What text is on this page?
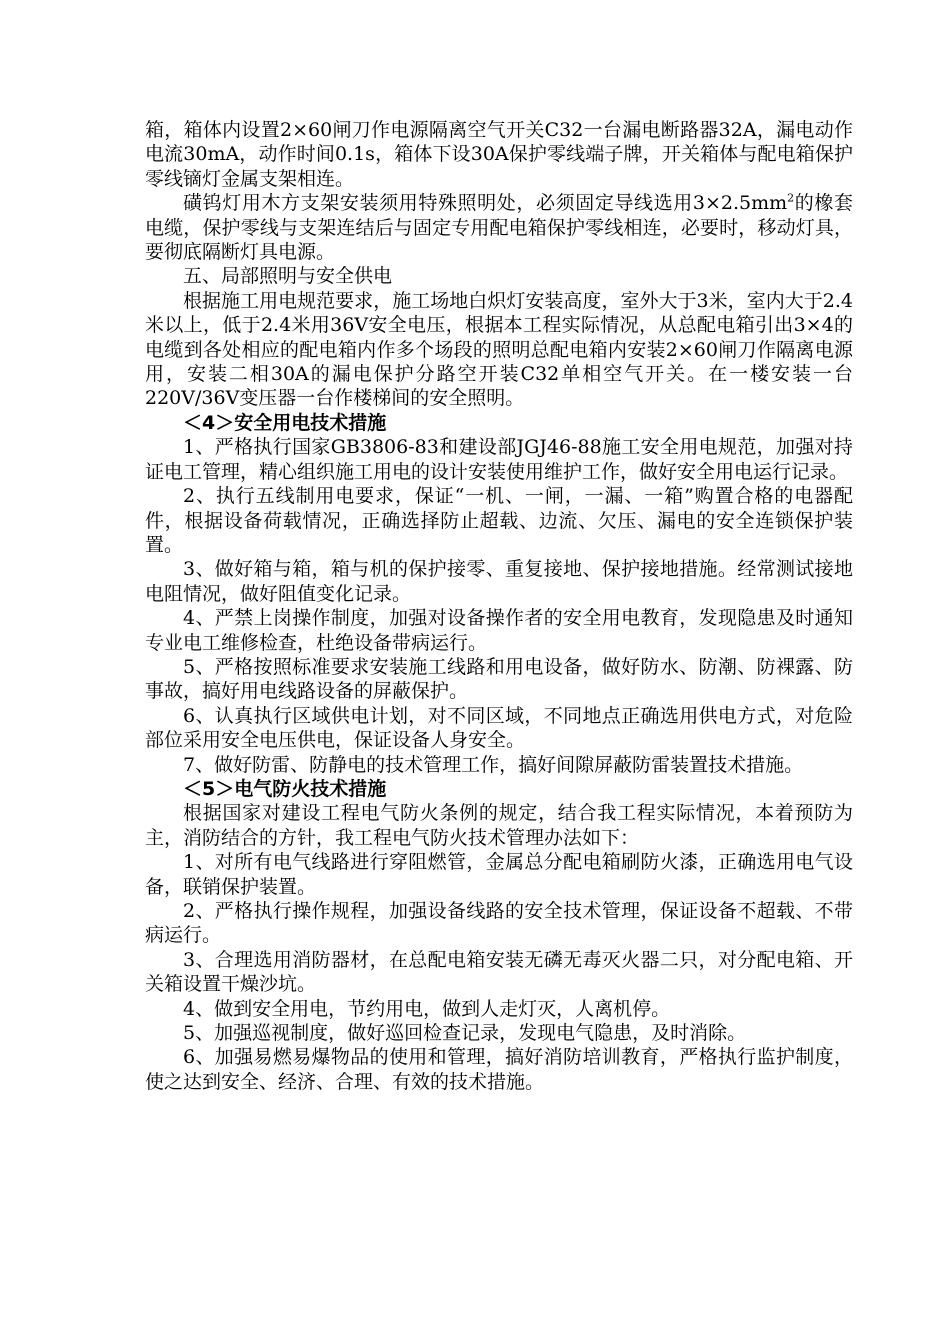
箱，箱体内设置2×60闸刀作电源隔离空气开关C32一台漏电断路器32A，漏电动作电流30mA，动作时间0.1s，箱体下设30A保护零线端子牌，开关箱体与配电箱保护零线镝灯金属支架相连。

磺钨灯用木方支架安装须用特殊照明处，必须固定导线选用$3\times 2.5mm^2$的橡套电缆，保护零线与支架连结后与固定专用配电箱保护零线相连，必要时，移动灯具，要彻底隔断灯具电源。

五、局部照明与安全供电

根据施工用电规范要求，施工场地白炽灯安装高度，室外大于3米，室内大于2.4米以上，低于2.4米用36V安全电压，根据本工程实际情况，从总配电箱引出3×4的电缆到各处相应的配电箱内作多个场段的照明总配电箱内安装2×60闸刀作隔离电源用，安装二相30A的漏电保护分路空开装C32单相空气开关。在一楼安装一台220V/36V变压器一台作楼梯间的安全照明。

＜4＞安全用电技术措施

1、严格执行国家GB3806-83和建设部JGJ46-88施工安全用电规范，加强对持证电工管理，精心组织施工用电的设计安装使用维护工作，做好安全用电运行记录。

2、执行五线制用电要求，保证“一机、一闸，一漏、一箱”购置合格的电器配件，根据设备荷载情况，正确选择防止超载、边流、欠压、漏电的安全连锁保护装置。

3、做好箱与箱，箱与机的保护接零、重复接地、保护接地措施。经常测试接地电阻情况，做好阻值变化记录。

4、严禁上岗操作制度，加强对设备操作者的安全用电教育，发现隐患及时通知专业电工维修检查，杜绝设备带病运行。

5、严格按照标准要求安装施工线路和用电设备，做好防水、防潮、防裸露、防事故，搞好用电线路设备的屏蔽保护。

6、认真执行区域供电计划，对不同区域，不同地点正确选用供电方式，对危险部位采用安全电压供电，保证设备人身安全。

7、做好防雷、防静电的技术管理工作，搞好间隙屏蔽防雷装置技术措施。

＜5＞电气防火技术措施

根据国家对建设工程电气防火条例的规定，结合我工程实际情况，本着预防为主，消防结合的方针，我工程电气防火技术管理办法如下：

1、对所有电气线路进行穿阻燃管，金属总分配电箱刷防火漆，正确选用电气设备，联销保护装置。

2、严格执行操作规程，加强设备线路的安全技术管理，保证设备不超载、不带病运行。

3、合理选用消防器材，在总配电箱安装无磷无毒灭火器二只，对分配电箱、开关箱设置干燥沙坑。

4、做到安全用电，节约用电，做到人走灯灭，人离机停。

5、加强巡视制度，做好巡回检查记录，发现电气隐患，及时消除。

6、加强易燃易爆物品的使用和管理，搞好消防培训教育，严格执行监护制度，使之达到安全、经济、合理、有效的技术措施。
